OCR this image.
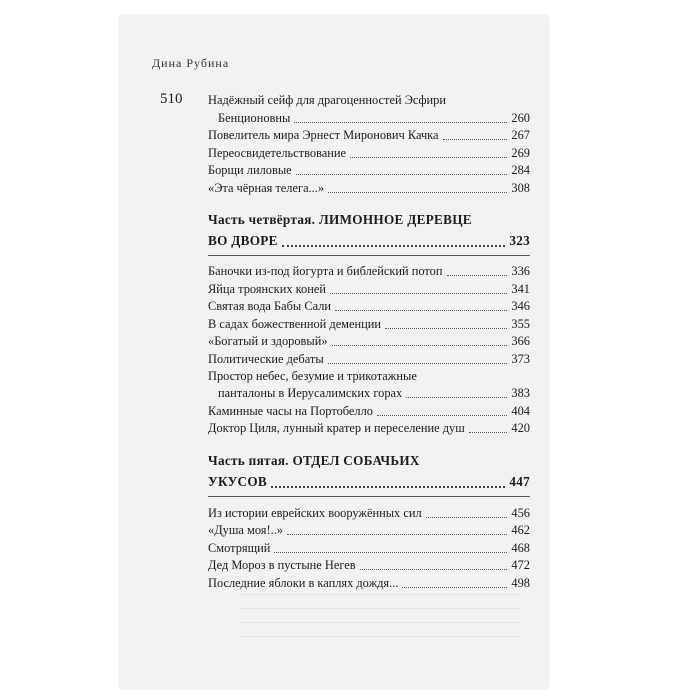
Дина Рубина
510 Надёжный сейф для драгоценностей Эсфири
Бенционовны	260
Повелитель мира Эрнест Миронович Качка	267
Переосвидетельствование	269
Борщи лиловые	284
«Эта чёрная телега...»	308
Часть четвёртая. ЛИМОННОЕ ДЕРЕВЦЕ
ВО ДВОРЕ	323
Баночки из-под йогурта и библейский потоп	336
Яйца троянских коней	341
Святая вода Бабы Сали	346
В садах божественной деменции	355
«Богатый и здоровый»	366
Политические дебаты	373
Простор небес, безумие и трикотажные
панталоны в Иерусалимских горах	383
Каминные часы на Портобелло	404
Доктор Циля, лунный кратер и переселение душ	420
Часть пятая. ОТДЕЛ СОБАЧЬИХ
УКУСОВ	447
Из истории еврейских вооружённых сил	456
«Душа моя!..»	462
Смотрящий	468
Дед Мороз в пустыне Негев	472
Последние яблоки в каплях дождя...	498
